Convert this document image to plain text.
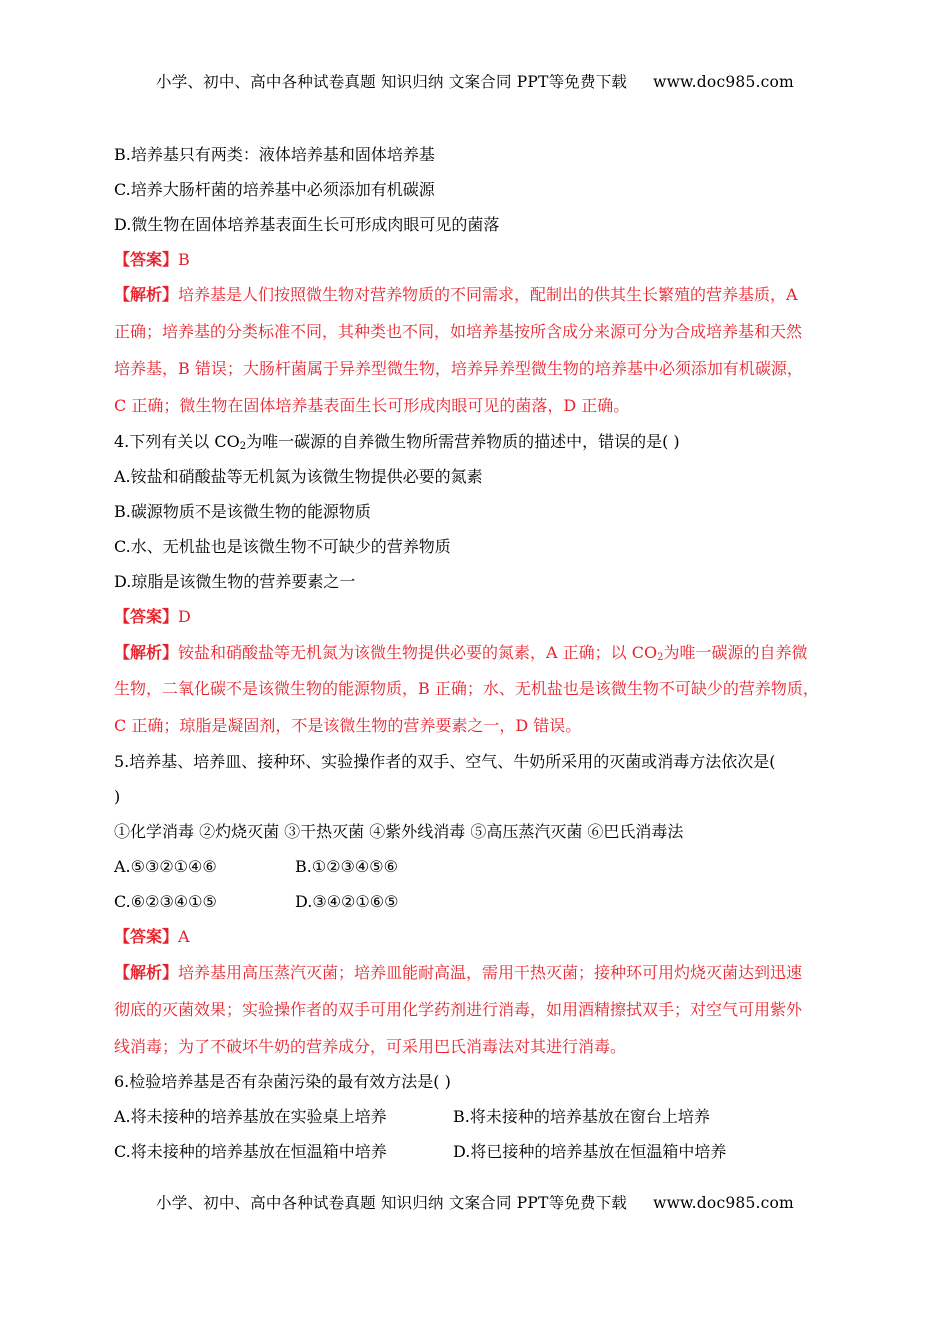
小学、初中、高中各种试卷真题 知识归纳 文案合同 PPT等免费下载 www.doc985.com
B.培养基只有两类：液体培养基和固体培养基
C.培养大肠杆菌的培养基中必须添加有机碳源
D.微生物在固体培养基表面生长可形成肉眼可见的菌落
【答案】B
【解析】培养基是人们按照微生物对营养物质的不同需求，配制出的供其生长繁殖的营养基质，A
正确；培养基的分类标准不同，其种类也不同，如培养基按所含成分来源可分为合成培养基和天然
培养基，B 错误；大肠杆菌属于异养型微生物，培养异养型微生物的培养基中必须添加有机碳源，
C 正确；微生物在固体培养基表面生长可形成肉眼可见的菌落，D 正确。
4.下列有关以 $CO_2$为唯一碳源的自养微生物所需营养物质的描述中，错误的是( )
A.铵盐和硝酸盐等无机氮为该微生物提供必要的氮素
B.碳源物质不是该微生物的能源物质
C.水、无机盐也是该微生物不可缺少的营养物质
D.琼脂是该微生物的营养要素之一
【答案】D
【解析】铵盐和硝酸盐等无机氮为该微生物提供必要的氮素，A 正确；以 $CO_2$为唯一碳源的自养微
生物，二氧化碳不是该微生物的能源物质，B 正确；水、无机盐也是该微生物不可缺少的营养物质，
C 正确；琼脂是凝固剂，不是该微生物的营养要素之一，D 错误。
5.培养基、培养皿、接种环、实验操作者的双手、空气、牛奶所采用的灭菌或消毒方法依次是(
)
①化学消毒 ②灼烧灭菌 ③干热灭菌 ④紫外线消毒 ⑤高压蒸汽灭菌 ⑥巴氏消毒法
A.⑤③②①④⑥	B.①②③④⑤⑥
C.⑥②③④①⑤	D.③④②①⑥⑤
【答案】A
【解析】培养基用高压蒸汽灭菌；培养皿能耐高温，需用干热灭菌；接种环可用灼烧灭菌达到迅速
彻底的灭菌效果；实验操作者的双手可用化学药剂进行消毒，如用酒精擦拭双手；对空气可用紫外
线消毒；为了不破坏牛奶的营养成分，可采用巴氏消毒法对其进行消毒。
6.检验培养基是否有杂菌污染的最有效方法是( )
A.将未接种的培养基放在实验桌上培养	B.将未接种的培养基放在窗台上培养
C.将未接种的培养基放在恒温箱中培养	D.将已接种的培养基放在恒温箱中培养
小学、初中、高中各种试卷真题 知识归纳 文案合同 PPT等免费下载 www.doc985.com
